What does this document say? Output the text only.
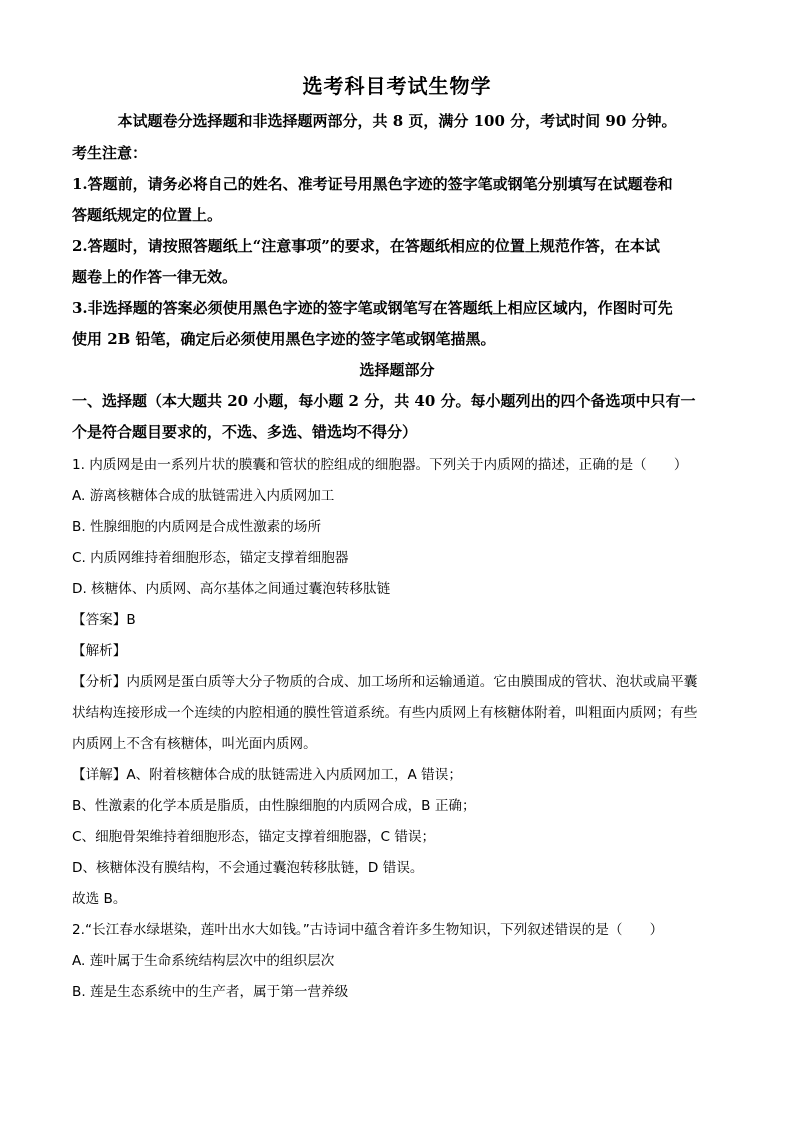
选考科目考试生物学
本试题卷分选择题和非选择题两部分，共 8 页，满分 100 分，考试时间 90 分钟。
考生注意：
1.答题前，请务必将自己的姓名、准考证号用黑色字迹的签字笔或钢笔分别填写在试题卷和
答题纸规定的位置上。
2.答题时，请按照答题纸上“注意事项”的要求，在答题纸相应的位置上规范作答，在本试
题卷上的作答一律无效。
3.非选择题的答案必须使用黑色字迹的签字笔或钢笔写在答题纸上相应区域内，作图时可先
使用 2B 铅笔，确定后必须使用黑色字迹的签字笔或钢笔描黑。
选择题部分
一、选择题（本大题共 20 小题，每小题 2 分，共 40 分。每小题列出的四个备选项中只有一
个是符合题目要求的，不选、多选、错选均不得分）
1. 内质网是由一系列片状的膜囊和管状的腔组成的细胞器。下列关于内质网的描述，正确的是（　　）
A. 游离核糖体合成的肽链需进入内质网加工
B. 性腺细胞的内质网是合成性激素的场所
C. 内质网维持着细胞形态，锚定支撑着细胞器
D. 核糖体、内质网、高尔基体之间通过囊泡转移肽链
【答案】B
【解析】
【分析】内质网是蛋白质等大分子物质的合成、加工场所和运输通道。它由膜围成的管状、泡状或扁平囊
状结构连接形成一个连续的内腔相通的膜性管道系统。有些内质网上有核糖体附着，叫粗面内质网；有些
内质网上不含有核糖体，叫光面内质网。
【详解】A、附着核糖体合成的肽链需进入内质网加工，A 错误；
B、性激素的化学本质是脂质，由性腺细胞的内质网合成，B 正确；
C、细胞骨架维持着细胞形态，锚定支撑着细胞器，C 错误；
D、核糖体没有膜结构，不会通过囊泡转移肽链，D 错误。
故选 B。
2.“长江春水绿堪染，莲叶出水大如钱。”古诗词中蕴含着许多生物知识，下列叙述错误的是（　　）
A. 莲叶属于生命系统结构层次中的组织层次
B. 莲是生态系统中的生产者，属于第一营养级
